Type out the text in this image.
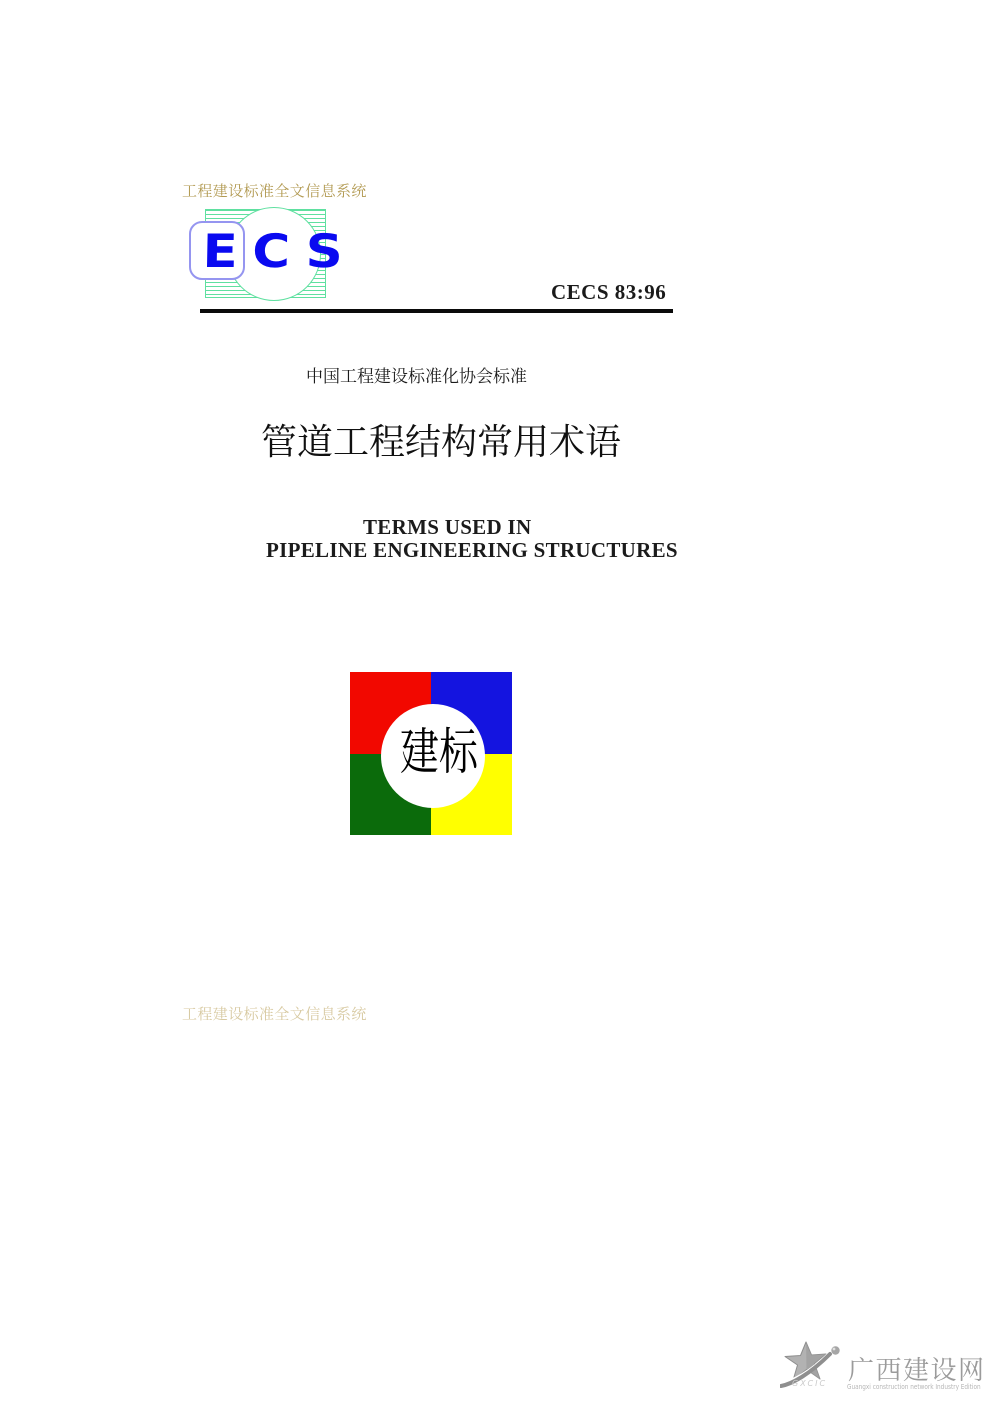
工程建设标准全文信息系统
ECS
CECS 83:96
中国工程建设标准化协会标准
管道工程结构常用术语
TERMS USED IN
PIPELINE ENGINEERING STRUCTURES
建标
工程建设标准全文信息系统
GXCIC 广西建设网
Guangxi construction network Industry Edition
